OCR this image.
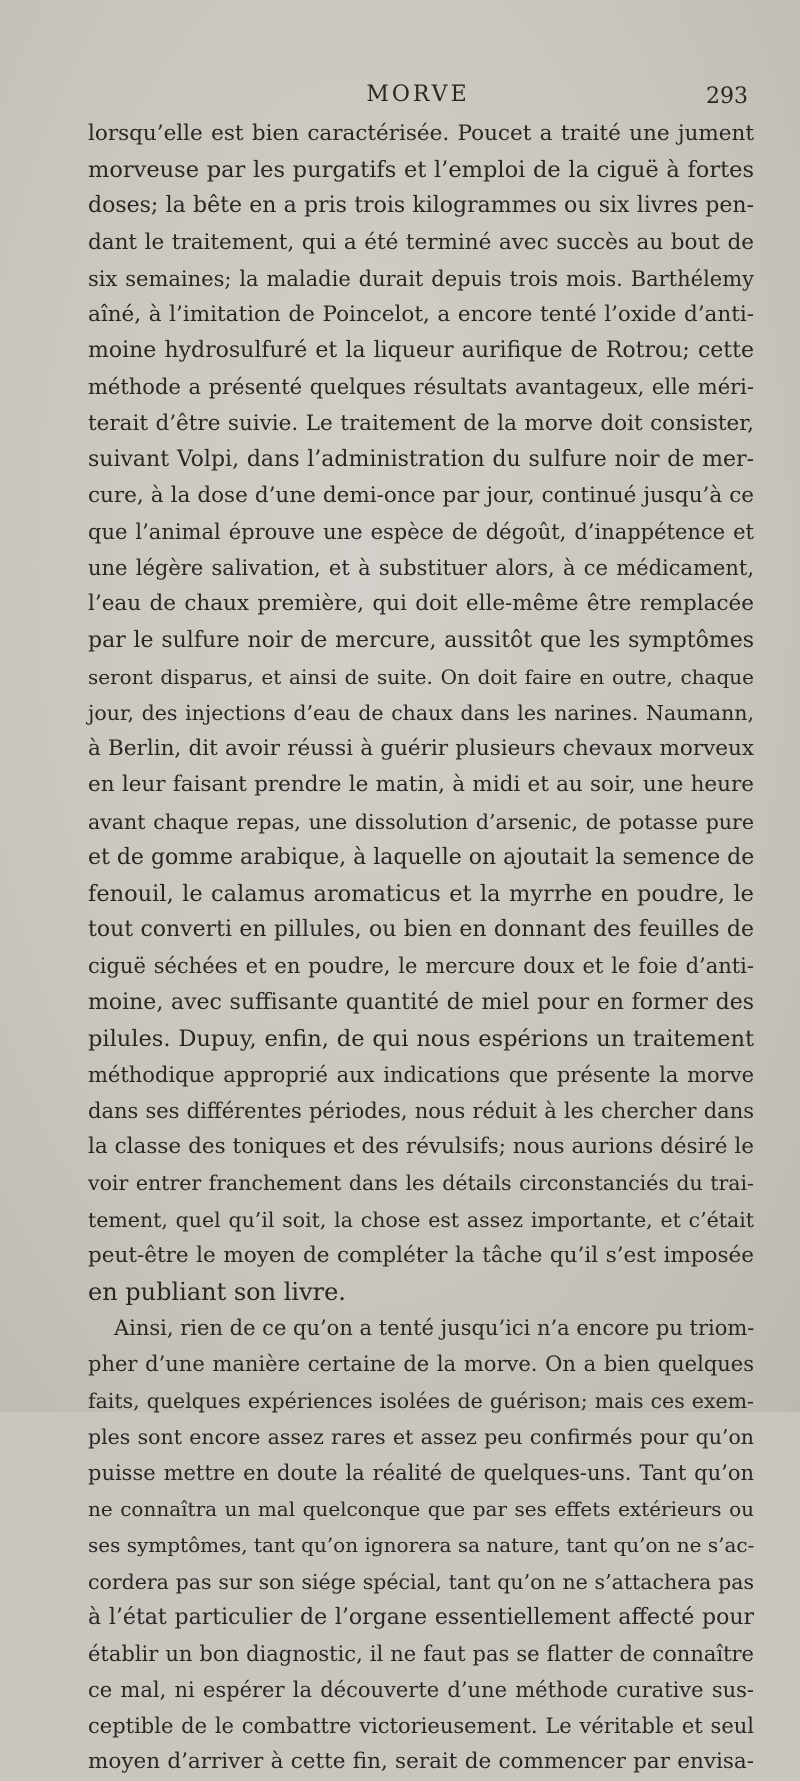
MORVE	293
lorsqu’elle est bien caractérisée. Poucet a traité une jument
morveuse par les purgatifs et l’emploi de la ciguë à fortes
doses; la bête en a pris trois kilogrammes ou six livres pen-
dant le traitement, qui a été terminé avec succès au bout de
six semaines; la maladie durait depuis trois mois. Barthélemy
aîné, à l’imitation de Poincelot, a encore tenté l’oxide d’anti-
moine hydrosulfuré et la liqueur aurifique de Rotrou; cette
méthode a présenté quelques résultats avantageux, elle méri-
terait d’être suivie. Le traitement de la morve doit consister,
suivant Volpi, dans l’administration du sulfure noir de mer-
cure, à la dose d’une demi-once par jour, continué jusqu’à ce
que l’animal éprouve une espèce de dégoût, d’inappétence et
une légère salivation, et à substituer alors, à ce médicament,
l’eau de chaux première, qui doit elle-même être remplacée
par le sulfure noir de mercure, aussitôt que les symptômes
seront disparus, et ainsi de suite. On doit faire en outre, chaque
jour, des injections d’eau de chaux dans les narines. Naumann,
à Berlin, dit avoir réussi à guérir plusieurs chevaux morveux
en leur faisant prendre le matin, à midi et au soir, une heure
avant chaque repas, une dissolution d’arsenic, de potasse pure
et de gomme arabique, à laquelle on ajoutait la semence de
fenouil, le calamus aromaticus et la myrrhe en poudre, le
tout converti en pillules, ou bien en donnant des feuilles de
ciguë séchées et en poudre, le mercure doux et le foie d’anti-
moine, avec suffisante quantité de miel pour en former des
pilules. Dupuy, enfin, de qui nous espérions un traitement
méthodique approprié aux indications que présente la morve
dans ses différentes périodes, nous réduit à les chercher dans
la classe des toniques et des révulsifs; nous aurions désiré le
voir entrer franchement dans les détails circonstanciés du trai-
tement, quel qu’il soit, la chose est assez importante, et c’était
peut-être le moyen de compléter la tâche qu’il s’est imposée
en publiant son livre.
Ainsi, rien de ce qu’on a tenté jusqu’ici n’a encore pu triom-
pher d’une manière certaine de la morve. On a bien quelques
faits, quelques expériences isolées de guérison; mais ces exem-
ples sont encore assez rares et assez peu confirmés pour qu’on
puisse mettre en doute la réalité de quelques-uns. Tant qu’on
ne connaîtra un mal quelconque que par ses effets extérieurs ou
ses symptômes, tant qu’on ignorera sa nature, tant qu’on ne s’ac-
cordera pas sur son siége spécial, tant qu’on ne s’attachera pas
à l’état particulier de l’organe essentiellement affecté pour
établir un bon diagnostic, il ne faut pas se flatter de connaître
ce mal, ni espérer la découverte d’une méthode curative sus-
ceptible de le combattre victorieusement. Le véritable et seul
moyen d’arriver à cette fin, serait de commencer par envisa-
